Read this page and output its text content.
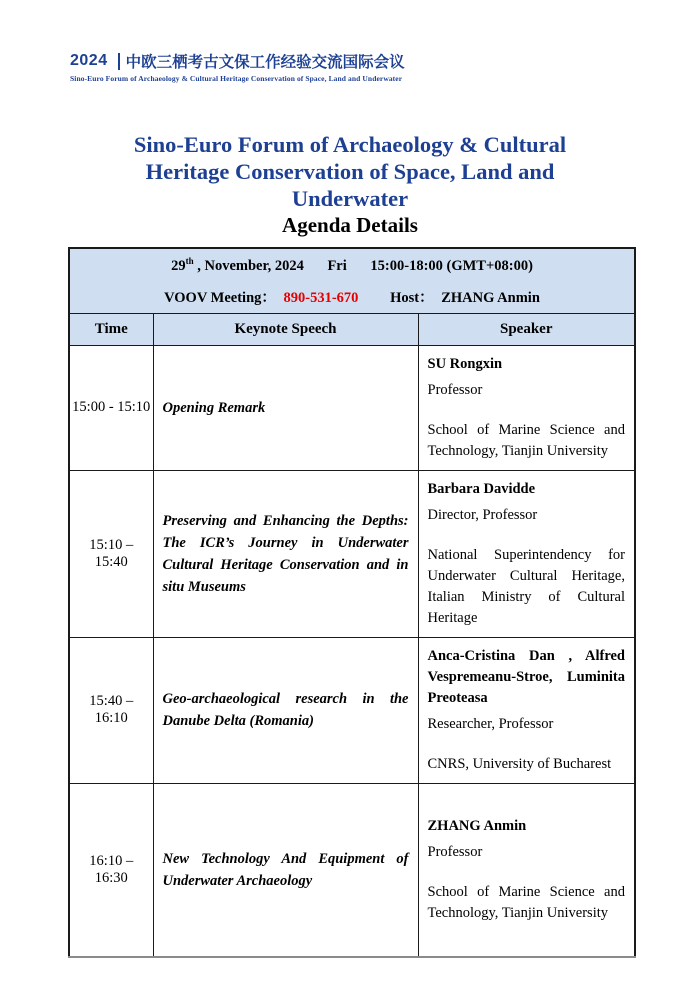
2024 中欧三栖考古文保工作经验交流国际会议
Sino-Euro Forum of Archaeology & Cultural Heritage Conservation of Space, Land and Underwater
Sino-Euro Forum of Archaeology & Cultural
Heritage Conservation of Space, Land and
Underwater
Agenda Details
29th , November, 2024 Fri 15:00-18:00 (GMT+08:00)
VOOV Meeting： 890-531-670 Host： ZHANG Anmin		

Time	Keynote Speech	Speaker
15:00 - 15:10	Opening Remark	SU Rongxin

Professor

School of Marine Science and Technology, Tianjin University

15:10 – 15:40	Preserving and Enhancing the Depths: The ICR’s Journey in Underwater Cultural Heritage Conservation and in situ Museums	Barbara Davidde

Director, Professor

National Superintendency for Underwater Cultural Heritage, Italian Ministry of Cultural Heritage

15:40 – 16:10	Geo-archaeological research in the Danube Delta (Romania)	Anca-Cristina Dan , Alfred Vespremeanu-Stroe, Luminita Preoteasa

Researcher, Professor

CNRS, University of Bucharest

16:10 – 16:30	New Technology And Equipment of Underwater Archaeology	ZHANG Anmin

Professor

School of Marine Science and Technology, Tianjin University
